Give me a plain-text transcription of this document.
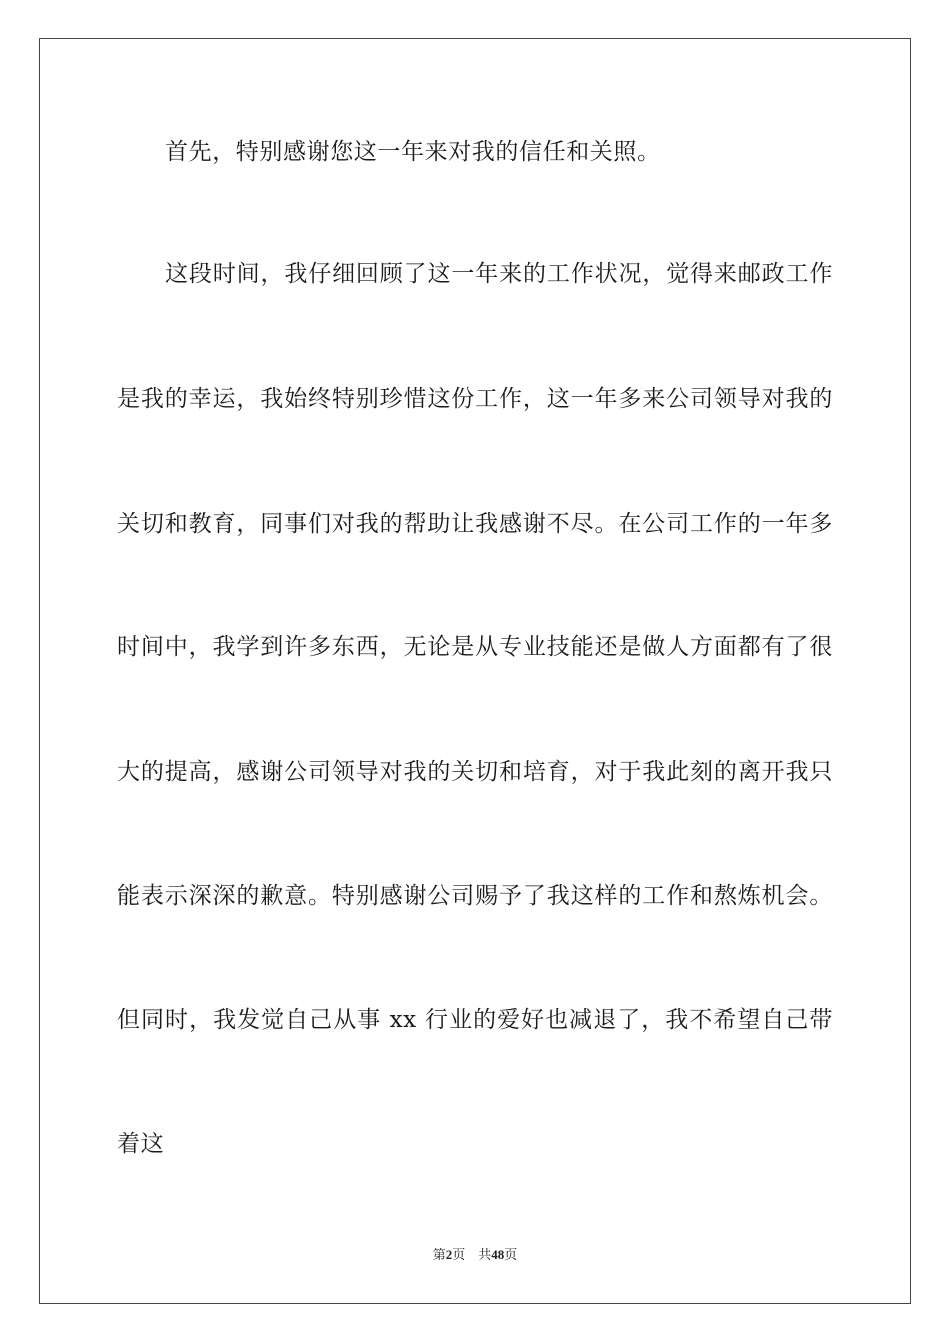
首先，特别感谢您这一年来对我的信任和关照。
这段时间，我仔细回顾了这一年来的工作状况，觉得来邮政工作
是我的幸运，我始终特别珍惜这份工作，这一年多来公司领导对我的
关切和教育，同事们对我的帮助让我感谢不尽。在公司工作的一年多
时间中，我学到许多东西，无论是从专业技能还是做人方面都有了很
大的提高，感谢公司领导对我的关切和培育，对于我此刻的离开我只
能表示深深的歉意。特别感谢公司赐予了我这样的工作和熬炼机会。
但同时，我发觉自己从事 xx 行业的爱好也减退了，我不希望自己带
着这
第2页　共48页
